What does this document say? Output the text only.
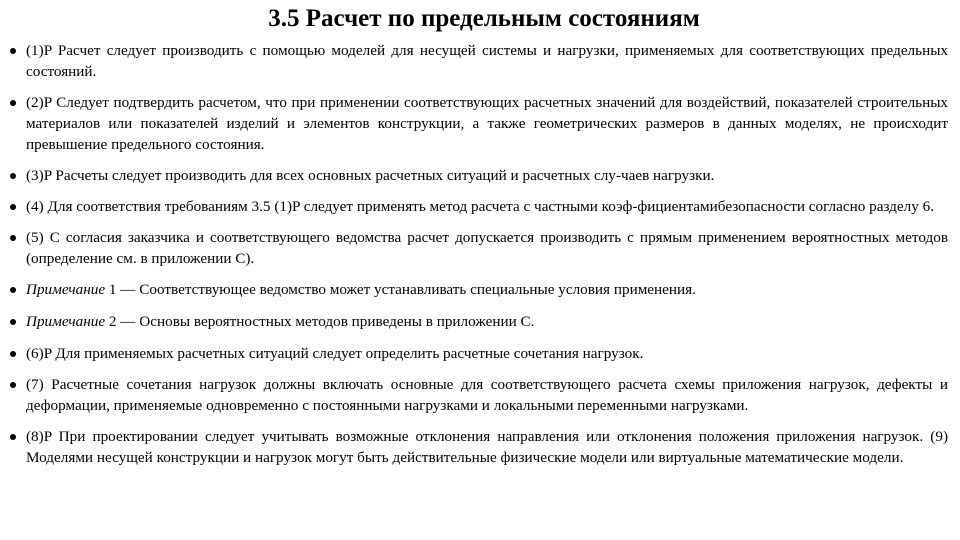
3.5 Расчет по предельным состояниям
(1)P Расчет следует производить с помощью моделей для несущей системы и нагрузки, применяемых для соответствующих предельных состояний.
(2)P Следует подтвердить расчетом, что при применении соответствующих расчетных значений для воздействий, показателей строительных материалов или показателей изделий и элементов конструкции, а также геометрических размеров в данных моделях, не происходит превышение предельного состояния.
(3)P Расчеты следует производить для всех основных расчетных ситуаций и расчетных слу-чаев нагрузки.
(4) Для соответствия требованиям 3.5 (1)P следует применять метод расчета с частными коэф-фициентамибезопасности согласно разделу 6.
(5) С согласия заказчика и соответствующего ведомства расчет допускается производить с прямым применением вероятностных методов (определение см. в приложении С).
Примечание 1 — Соответствующее ведомство может устанавливать специальные условия применения.
Примечание 2 — Основы вероятностных методов приведены в приложении С.
(6)P Для применяемых расчетных ситуаций следует определить расчетные сочетания нагрузок.
(7) Расчетные сочетания нагрузок должны включать основные для соответствующего расчета схемы приложения нагрузок, дефекты и деформации, применяемые одновременно с постоянными нагрузками и локальными переменными нагрузками.
(8)P При проектировании следует учитывать возможные отклонения направления или отклонения положения приложения нагрузок. (9) Моделями несущей конструкции и нагрузок могут быть действительные физические модели или виртуальные математические модели.
